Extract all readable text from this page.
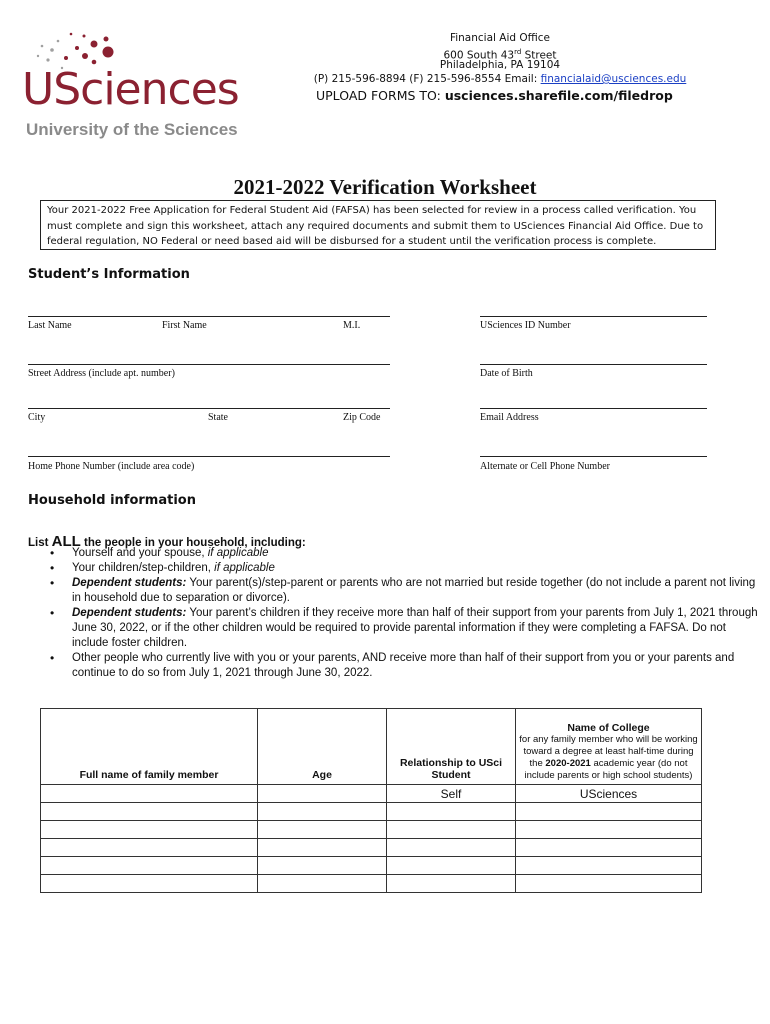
USciences
University of the Sciences
Financial Aid Office
600 South 43rd Street
Philadelphia, PA 19104
(P) 215-596-8894 (F) 215-596-8554 Email: financialaid@usciences.edu
UPLOAD FORMS TO: usciences.sharefile.com/filedrop
2021-2022 Verification Worksheet
Your 2021-2022 Free Application for Federal Student Aid (FAFSA) has been selected for review in a process called verification. You must complete and sign this worksheet, attach any required documents and submit them to USciences Financial Aid Office. Due to federal regulation, NO Federal or need based aid will be disbursed for a student until the verification process is complete.
Student’s Information
Last Name	First Name	M.I.	USciences ID Number
Street Address (include apt. number)	Date of Birth
City	State	Zip Code	Email Address
Home Phone Number (include area code)	Alternate or Cell Phone Number
Household information
List ALL the people in your household, including:
• Yourself and your spouse, if applicable
• Your children/step-children, if applicable
• Dependent students: Your parent(s)/step-parent or parents who are not married but reside together (do not include a parent not living in household due to separation or divorce).
• Dependent students: Your parent’s children if they receive more than half of their support from your parents from July 1, 2021 through June 30, 2022, or if the other children would be required to provide parental information if they were completing a FAFSA. Do not include foster children.
• Other people who currently live with you or your parents, AND receive more than half of their support from you or your parents and continue to do so from July 1, 2021 through June 30, 2022.
Full name of family member	Age	Relationship to USci Student	Name of College
for any family member who will be working toward a degree at least half-time during the 2020-2021 academic year (do not include parents or high school students)

		Self	USciences
